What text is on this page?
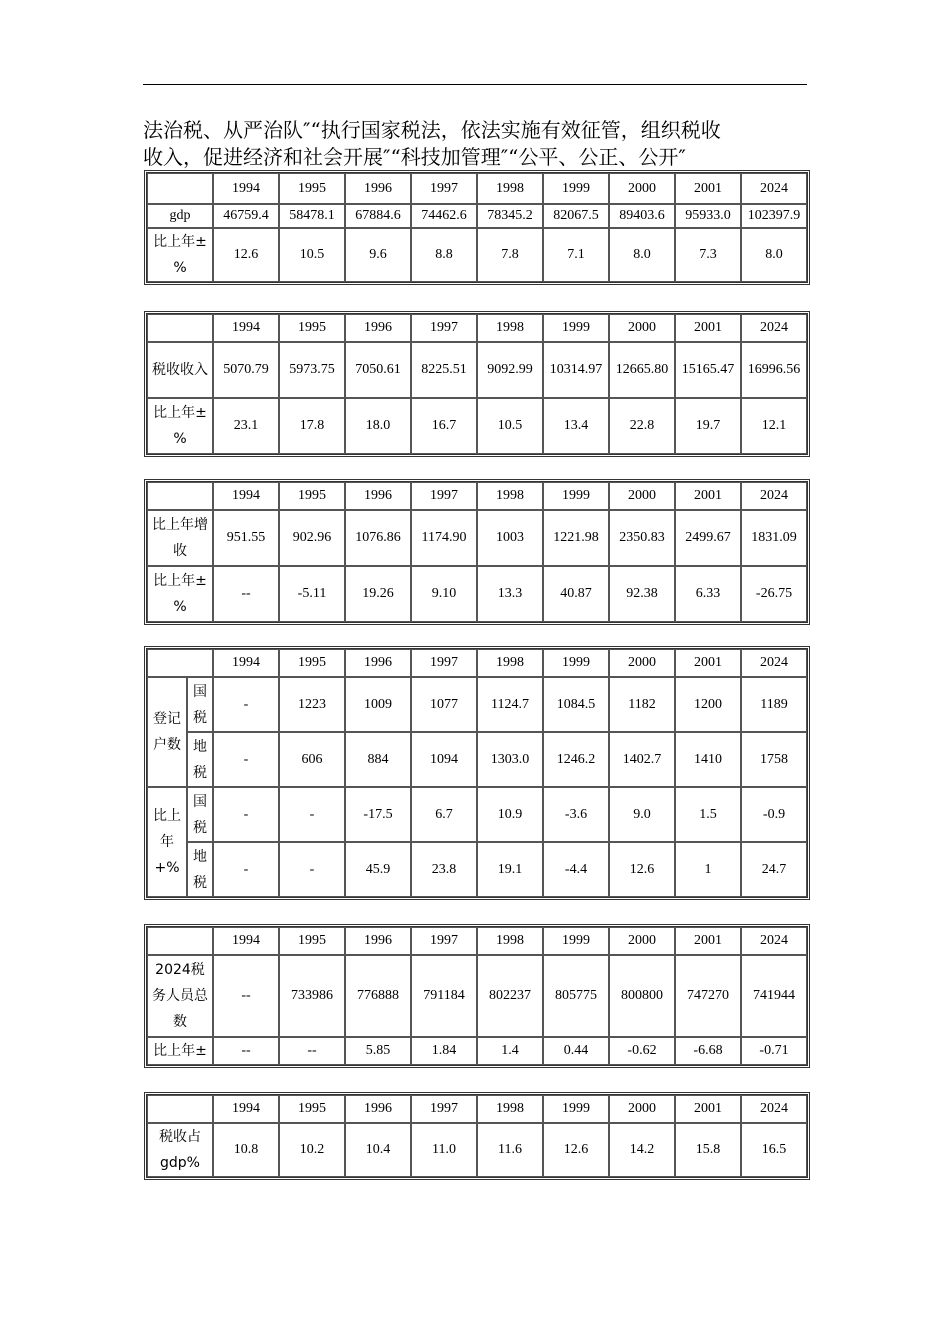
法治税、从严治队″“执行国家税法，依法实施有效征管，组织税收
收入，促进经济和社会开展″“科技加管理″“公平、公正、公开″
	1994	1995	1996	1997	1998	1999	2000	2001	2024
gdp	46759.4	58478.1	67884.6	74462.6	78345.2	82067.5	89403.6	95933.0	102397.9
比上年±%	12.6	10.5	9.6	8.8	7.8	7.1	8.0	7.3	8.0
	1994	1995	1996	1997	1998	1999	2000	2001	2024
税收收入	5070.79	5973.75	7050.61	8225.51	9092.99	10314.97	12665.80	15165.47	16996.56
比上年±%	23.1	17.8	18.0	16.7	10.5	13.4	22.8	19.7	12.1
	1994	1995	1996	1997	1998	1999	2000	2001	2024
比上年增收	951.55	902.96	1076.86	1174.90	1003	1221.98	2350.83	2499.67	1831.09
比上年±%	--	-5.11	19.26	9.10	13.3	40.87	92.38	6.33	-26.75
		1994	1995	1996	1997	1998	1999	2000	2001	2024
登记户数	国税	-	1223	1009	1077	1124.7	1084.5	1182	1200	1189
	地税	-	606	884	1094	1303.0	1246.2	1402.7	1410	1758
比上年+%	国税	-	-	-17.5	6.7	10.9	-3.6	9.0	1.5	-0.9
	地税	-	-	45.9	23.8	19.1	-4.4	12.6	1	24.7
	1994	1995	1996	1997	1998	1999	2000	2001	2024
2024税务人员总数	--	733986	776888	791184	802237	805775	800800	747270	741944
比上年±	--	--	5.85	1.84	1.4	0.44	-0.62	-6.68	-0.71
	1994	1995	1996	1997	1998	1999	2000	2001	2024
税收占gdp%	10.8	10.2	10.4	11.0	11.6	12.6	14.2	15.8	16.5
